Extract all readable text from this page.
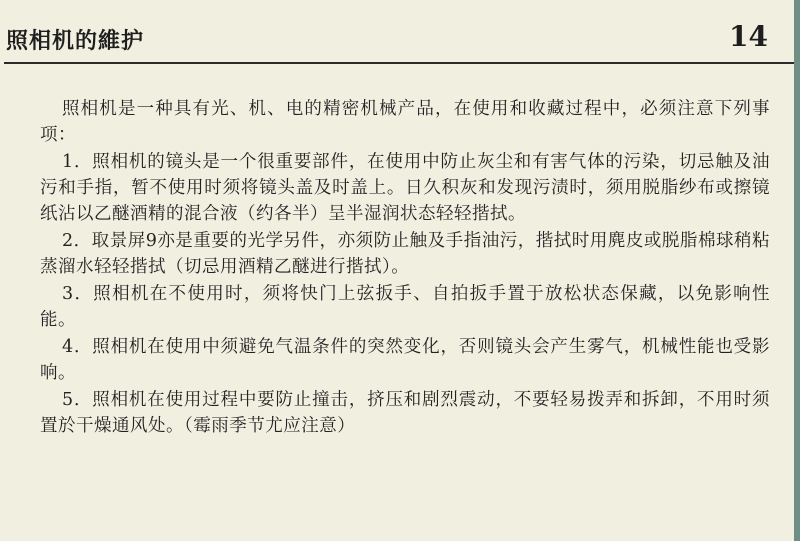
照相机的維护	14

照相机是一种具有光、机、电的精密机械产品，在使用和收藏过程中，必须注意下列事项：

1．照相机的镜头是一个很重要部件，在使用中防止灰尘和有害气体的污染，切忌触及油污和手指，暂不使用时须将镜头盖及时盖上。日久积灰和发现污渍时，须用脱脂纱布或擦镜纸沾以乙醚酒精的混合液（约各半）呈半湿润状态轻轻揩拭。

2．取景屏9亦是重要的光学另件，亦须防止触及手指油污，揩拭时用麂皮或脱脂棉球稍粘蒸溜水轻轻揩拭（切忌用酒精乙醚进行揩拭）。

3．照相机在不使用时，须将快门上弦扳手、自拍扳手置于放松状态保藏，以免影响性能。

4．照相机在使用中须避免气温条件的突然变化，否则镜头会产生雾气，机械性能也受影响。

5．照相机在使用过程中要防止撞击，挤压和剧烈震动，不要轻易拨弄和拆卸，不用时须置於干燥通风处。（霉雨季节尤应注意）
